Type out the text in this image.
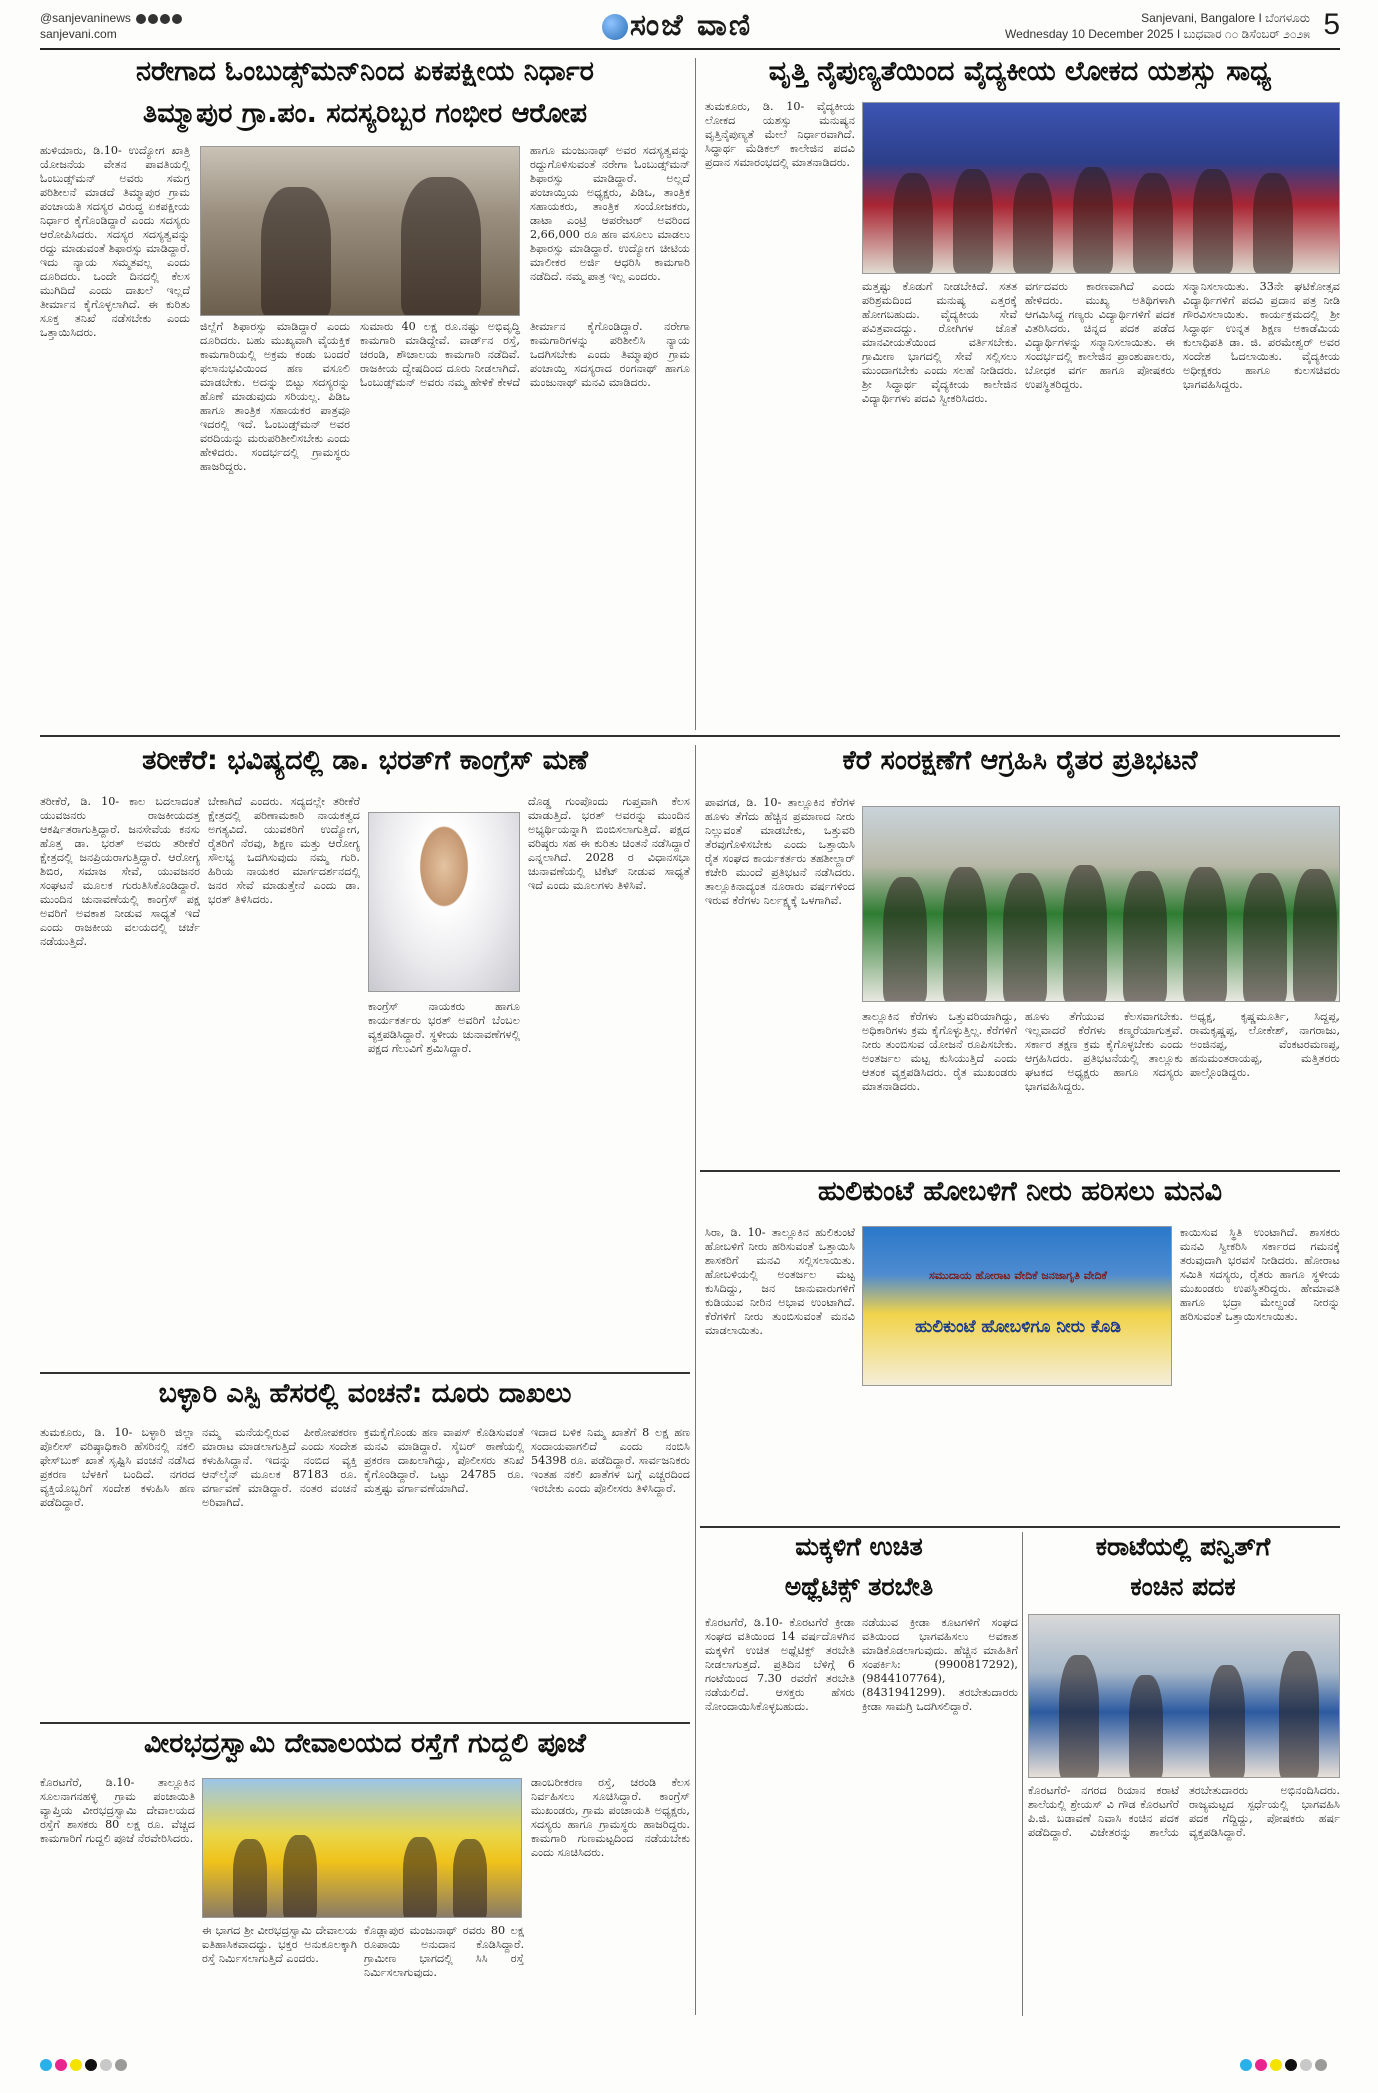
@sanjevaninews
sanjevani.com	ಸಂಜೆ ವಾಣಿ	Sanjevani, Bangalore I ಬೆಂಗಳೂರು
Wednesday 10 December 2025 I ಬುಧವಾರ ೧೦ ಡಿಸೆಂಬರ್ ೨೦೨೫ 5
ನರೇಗಾದ ಓಂಬುಡ್ಸ್‌ಮನ್‌ನಿಂದ ಏಕಪಕ್ಷೀಯ ನಿರ್ಧಾರ
ತಿಮ್ಮಾಪುರ ಗ್ರಾ.ಪಂ. ಸದಸ್ಯರಿಬ್ಬರ ಗಂಭೀರ ಆರೋಪ
ಹುಳಿಯಾರು, ಡಿ.10- ಉದ್ಯೋಗ ಖಾತ್ರಿ ಯೋಜನೆಯ ವೇತನ ಪಾವತಿಯಲ್ಲಿ ಓಂಬುಡ್ಸ್‌ಮನ್ ಅವರು ಸಮಗ್ರ ಪರಿಶೀಲನೆ ಮಾಡದೆ ತಿಮ್ಮಾಪುರ ಗ್ರಾಮ ಪಂಚಾಯತಿ ಸದಸ್ಯರ ವಿರುದ್ಧ ಏಕಪಕ್ಷೀಯ ನಿರ್ಧಾರ ಕೈಗೊಂಡಿದ್ದಾರೆ ಎಂದು ಸದಸ್ಯರು ಆರೋಪಿಸಿದರು. ಸದಸ್ಯರ ಸದಸ್ಯತ್ವವನ್ನು ರದ್ದು ಮಾಡುವಂತೆ ಶಿಫಾರಸ್ಸು ಮಾಡಿದ್ದಾರೆ. ಇದು ನ್ಯಾಯ ಸಮ್ಮತವಲ್ಲ ಎಂದು ದೂರಿದರು. ಒಂದೇ ದಿನದಲ್ಲಿ ಕೆಲಸ ಮುಗಿದಿದೆ ಎಂದು ದಾಖಲೆ ಇಲ್ಲದೆ ತೀರ್ಮಾನ ಕೈಗೊಳ್ಳಲಾಗಿದೆ. ಈ ಕುರಿತು ಸೂಕ್ತ ತನಿಖೆ ನಡೆಸಬೇಕು ಎಂದು ಒತ್ತಾಯಿಸಿದರು.	ಜಿಲ್ಲೆಗೆ ಶಿಫಾರಸ್ಸು ಮಾಡಿದ್ದಾರೆ ಎಂದು ದೂರಿದರು. ಬಹು ಮುಖ್ಯವಾಗಿ ವೈಯಕ್ತಿಕ ಕಾಮಗಾರಿಯಲ್ಲಿ ಅಕ್ರಮ ಕಂಡು ಬಂದರೆ ಫಲಾನುಭವಿಯಿಂದ ಹಣ ವಸೂಲಿ ಮಾಡಬೇಕು. ಅದನ್ನು ಬಿಟ್ಟು ಸದಸ್ಯರನ್ನು ಹೊಣೆ ಮಾಡುವುದು ಸರಿಯಲ್ಲ. ಪಿಡಿಒ ಹಾಗೂ ತಾಂತ್ರಿಕ ಸಹಾಯಕರ ಪಾತ್ರವೂ ಇದರಲ್ಲಿ ಇದೆ. ಓಂಬುಡ್ಸ್‌ಮನ್ ಅವರ ವರದಿಯನ್ನು ಮರುಪರಿಶೀಲಿಸಬೇಕು ಎಂದು ಹೇಳಿದರು. ಸಂದರ್ಭದಲ್ಲಿ ಗ್ರಾಮಸ್ಥರು ಹಾಜರಿದ್ದರು.
ಹಾಗೂ ಮಂಜುನಾಥ್ ಅವರ ಸದಸ್ಯತ್ವವನ್ನು ರದ್ದುಗೊಳಿಸುವಂತೆ ನರೇಗಾ ಓಂಬುಡ್ಸ್‌ಮನ್ ಶಿಫಾರಸ್ಸು ಮಾಡಿದ್ದಾರೆ. ಅಲ್ಲದೆ ಪಂಚಾಯ್ತಿಯ ಅಧ್ಯಕ್ಷರು, ಪಿಡಿಒ, ತಾಂತ್ರಿಕ ಸಹಾಯಕರು, ತಾಂತ್ರಿಕ ಸಂಯೋಜಕರು, ಡಾಟಾ ಎಂಟ್ರಿ ಆಪರೇಟರ್ ಅವರಿಂದ 2,66,000 ರೂ ಹಣ ವಸೂಲು ಮಾಡಲು ಶಿಫಾರಸ್ಸು ಮಾಡಿದ್ದಾರೆ. ಉದ್ಯೋಗ ಚೀಟಿಯ ಮಾಲೀಕರ ಅರ್ಜಿ ಆಧರಿಸಿ ಕಾಮಗಾರಿ ನಡೆದಿದೆ. ನಮ್ಮ ಪಾತ್ರ ಇಲ್ಲ ಎಂದರು.
ಸುಮಾರು 40 ಲಕ್ಷ ರೂ.ನಷ್ಟು ಅಭಿವೃದ್ಧಿ ಕಾಮಗಾರಿ ಮಾಡಿದ್ದೇವೆ. ವಾರ್ಡ್‌ನ ರಸ್ತೆ, ಚರಂಡಿ, ಶೌಚಾಲಯ ಕಾಮಗಾರಿ ನಡೆದಿವೆ. ರಾಜಕೀಯ ದ್ವೇಷದಿಂದ ದೂರು ನೀಡಲಾಗಿದೆ. ಓಂಬುಡ್ಸ್‌ಮನ್ ಅವರು ನಮ್ಮ ಹೇಳಿಕೆ ಕೇಳದೆ ತೀರ್ಮಾನ ಕೈಗೊಂಡಿದ್ದಾರೆ. ನರೇಗಾ ಕಾಮಗಾರಿಗಳನ್ನು ಪರಿಶೀಲಿಸಿ ನ್ಯಾಯ ಒದಗಿಸಬೇಕು ಎಂದು ತಿಮ್ಮಾಪುರ ಗ್ರಾಮ ಪಂಚಾಯ್ತಿ ಸದಸ್ಯರಾದ ರಂಗನಾಥ್ ಹಾಗೂ ಮಂಜುನಾಥ್ ಮನವಿ ಮಾಡಿದರು.
ವೃತ್ತಿ ನೈಪುಣ್ಯತೆಯಿಂದ ವೈದ್ಯಕೀಯ ಲೋಕದ ಯಶಸ್ಸು ಸಾಧ್ಯ
ತುಮಕೂರು, ಡಿ. 10- ವೈದ್ಯಕೀಯ ಲೋಕದ ಯಶಸ್ಸು ಮನುಷ್ಯನ ವೃತ್ತಿನೈಪುಣ್ಯತೆ ಮೇಲೆ ನಿರ್ಧಾರವಾಗಿದೆ. ಸಿದ್ಧಾರ್ಥ ಮೆಡಿಕಲ್ ಕಾಲೇಜಿನ ಪದವಿ ಪ್ರದಾನ ಸಮಾರಂಭದಲ್ಲಿ ಮಾತನಾಡಿದರು.
ಮತ್ತಷ್ಟು ಕೊಡುಗೆ ನೀಡಬೇಕಿದೆ. ಸತತ ಪರಿಶ್ರಮದಿಂದ ಮನುಷ್ಯ ಎತ್ತರಕ್ಕೆ ಹೋಗಬಹುದು. ವೈದ್ಯಕೀಯ ಸೇವೆ ಪವಿತ್ರವಾದದ್ದು. ರೋಗಿಗಳ ಜೊತೆ ಮಾನವೀಯತೆಯಿಂದ ವರ್ತಿಸಬೇಕು. ಗ್ರಾಮೀಣ ಭಾಗದಲ್ಲಿ ಸೇವೆ ಸಲ್ಲಿಸಲು ಮುಂದಾಗಬೇಕು ಎಂದು ಸಲಹೆ ನೀಡಿದರು. ಶ್ರೀ ಸಿದ್ಧಾರ್ಥ ವೈದ್ಯಕೀಯ ಕಾಲೇಜಿನ ವಿದ್ಯಾರ್ಥಿಗಳು ಪದವಿ ಸ್ವೀಕರಿಸಿದರು.
ವರ್ಗದವರು ಕಾರಣವಾಗಿದೆ ಎಂದು ಹೇಳಿದರು. ಮುಖ್ಯ ಅತಿಥಿಗಳಾಗಿ ಆಗಮಿಸಿದ್ದ ಗಣ್ಯರು ವಿದ್ಯಾರ್ಥಿಗಳಿಗೆ ಪದಕ ವಿತರಿಸಿದರು. ಚಿನ್ನದ ಪದಕ ಪಡೆದ ವಿದ್ಯಾರ್ಥಿಗಳನ್ನು ಸನ್ಮಾನಿಸಲಾಯಿತು. ಈ ಸಂದರ್ಭದಲ್ಲಿ ಕಾಲೇಜಿನ ಪ್ರಾಂಶುಪಾಲರು, ಬೋಧಕ ವರ್ಗ ಹಾಗೂ ಪೋಷಕರು ಉಪಸ್ಥಿತರಿದ್ದರು.
ಸನ್ಮಾನಿಸಲಾಯಿತು. 33ನೇ ಘಟಿಕೋತ್ಸವ ವಿದ್ಯಾರ್ಥಿಗಳಿಗೆ ಪದವಿ ಪ್ರದಾನ ಪತ್ರ ನೀಡಿ ಗೌರವಿಸಲಾಯಿತು. ಕಾರ್ಯಕ್ರಮದಲ್ಲಿ ಶ್ರೀ ಸಿದ್ಧಾರ್ಥ ಉನ್ನತ ಶಿಕ್ಷಣ ಅಕಾಡೆಮಿಯ ಕುಲಾಧಿಪತಿ ಡಾ. ಜಿ. ಪರಮೇಶ್ವರ್ ಅವರ ಸಂದೇಶ ಓದಲಾಯಿತು. ವೈದ್ಯಕೀಯ ಅಧೀಕ್ಷಕರು ಹಾಗೂ ಕುಲಸಚಿವರು ಭಾಗವಹಿಸಿದ್ದರು.
ತರೀಕೆರೆ: ಭವಿಷ್ಯದಲ್ಲಿ ಡಾ. ಭರತ್‌ಗೆ ಕಾಂಗ್ರೆಸ್ ಮಣೆ
ತರೀಕೆರೆ, ಡಿ. 10- ಕಾಲ ಬದಲಾದಂತೆ ಯುವಜನರು ರಾಜಕೀಯದತ್ತ ಆಕರ್ಷಿತರಾಗುತ್ತಿದ್ದಾರೆ. ಜನಸೇವೆಯ ಕನಸು ಹೊತ್ತ ಡಾ. ಭರತ್ ಅವರು ತರೀಕೆರೆ ಕ್ಷೇತ್ರದಲ್ಲಿ ಜನಪ್ರಿಯರಾಗುತ್ತಿದ್ದಾರೆ. ಆರೋಗ್ಯ ಶಿಬಿರ, ಸಮಾಜ ಸೇವೆ, ಯುವಜನರ ಸಂಘಟನೆ ಮೂಲಕ ಗುರುತಿಸಿಕೊಂಡಿದ್ದಾರೆ. ಮುಂದಿನ ಚುನಾವಣೆಯಲ್ಲಿ ಕಾಂಗ್ರೆಸ್ ಪಕ್ಷ ಅವರಿಗೆ ಅವಕಾಶ ನೀಡುವ ಸಾಧ್ಯತೆ ಇದೆ ಎಂದು ರಾಜಕೀಯ ವಲಯದಲ್ಲಿ ಚರ್ಚೆ ನಡೆಯುತ್ತಿದೆ.
ಬೇಕಾಗಿದೆ ಎಂದರು. ಸದ್ಯದಲ್ಲೇ ತರೀಕೆರೆ ಕ್ಷೇತ್ರದಲ್ಲಿ ಪರಿಣಾಮಕಾರಿ ನಾಯಕತ್ವದ ಅಗತ್ಯವಿದೆ. ಯುವಕರಿಗೆ ಉದ್ಯೋಗ, ರೈತರಿಗೆ ನೆರವು, ಶಿಕ್ಷಣ ಮತ್ತು ಆರೋಗ್ಯ ಸೌಲಭ್ಯ ಒದಗಿಸುವುದು ನಮ್ಮ ಗುರಿ. ಹಿರಿಯ ನಾಯಕರ ಮಾರ್ಗದರ್ಶನದಲ್ಲಿ ಜನರ ಸೇವೆ ಮಾಡುತ್ತೇನೆ ಎಂದು ಡಾ. ಭರತ್ ತಿಳಿಸಿದರು.
ಕಾಂಗ್ರೆಸ್ ನಾಯಕರು ಹಾಗೂ ಕಾರ್ಯಕರ್ತರು ಭರತ್ ಅವರಿಗೆ ಬೆಂಬಲ ವ್ಯಕ್ತಪಡಿಸಿದ್ದಾರೆ. ಸ್ಥಳೀಯ ಚುನಾವಣೆಗಳಲ್ಲಿ ಪಕ್ಷದ ಗೆಲುವಿಗೆ ಶ್ರಮಿಸಿದ್ದಾರೆ.
ದೊಡ್ಡ ಗುಂಪೊಂದು ಗುಪ್ತವಾಗಿ ಕೆಲಸ ಮಾಡುತ್ತಿದೆ. ಭರತ್ ಅವರನ್ನು ಮುಂದಿನ ಅಭ್ಯರ್ಥಿಯನ್ನಾಗಿ ಬಿಂಬಿಸಲಾಗುತ್ತಿದೆ. ಪಕ್ಷದ ವರಿಷ್ಠರು ಸಹ ಈ ಕುರಿತು ಚಿಂತನೆ ನಡೆಸಿದ್ದಾರೆ ಎನ್ನಲಾಗಿದೆ. 2028 ರ ವಿಧಾನಸಭಾ ಚುನಾವಣೆಯಲ್ಲಿ ಟಿಕೆಟ್ ನೀಡುವ ಸಾಧ್ಯತೆ ಇದೆ ಎಂದು ಮೂಲಗಳು ತಿಳಿಸಿವೆ.
ಕೆರೆ ಸಂರಕ್ಷಣೆಗೆ ಆಗ್ರಹಿಸಿ ರೈತರ ಪ್ರತಿಭಟನೆ
ಪಾವಗಡ, ಡಿ. 10- ತಾಲ್ಲೂಕಿನ ಕೆರೆಗಳ ಹೂಳು ತೆಗೆದು ಹೆಚ್ಚಿನ ಪ್ರಮಾಣದ ನೀರು ನಿಲ್ಲುವಂತೆ ಮಾಡಬೇಕು, ಒತ್ತುವರಿ ತೆರವುಗೊಳಿಸಬೇಕು ಎಂದು ಒತ್ತಾಯಿಸಿ ರೈತ ಸಂಘದ ಕಾರ್ಯಕರ್ತರು ತಹಶೀಲ್ದಾರ್ ಕಚೇರಿ ಮುಂದೆ ಪ್ರತಿಭಟನೆ ನಡೆಸಿದರು. ತಾಲ್ಲೂಕಿನಾದ್ಯಂತ ನೂರಾರು ವರ್ಷಗಳಿಂದ ಇರುವ ಕೆರೆಗಳು ನಿರ್ಲಕ್ಷ್ಯಕ್ಕೆ ಒಳಗಾಗಿವೆ.
ತಾಲ್ಲೂಕಿನ ಕೆರೆಗಳು ಒತ್ತುವರಿಯಾಗಿದ್ದು, ಅಧಿಕಾರಿಗಳು ಕ್ರಮ ಕೈಗೊಳ್ಳುತ್ತಿಲ್ಲ. ಕೆರೆಗಳಿಗೆ ನೀರು ತುಂಬಿಸುವ ಯೋಜನೆ ರೂಪಿಸಬೇಕು. ಅಂತರ್ಜಲ ಮಟ್ಟ ಕುಸಿಯುತ್ತಿದೆ ಎಂದು ಆತಂಕ ವ್ಯಕ್ತಪಡಿಸಿದರು. ರೈತ ಮುಖಂಡರು ಮಾತನಾಡಿದರು.
ಹೂಳು ತೆಗೆಯುವ ಕೆಲಸವಾಗಬೇಕು. ಇಲ್ಲವಾದರೆ ಕೆರೆಗಳು ಕಣ್ಮರೆಯಾಗುತ್ತವೆ. ಸರ್ಕಾರ ತಕ್ಷಣ ಕ್ರಮ ಕೈಗೊಳ್ಳಬೇಕು ಎಂದು ಆಗ್ರಹಿಸಿದರು. ಪ್ರತಿಭಟನೆಯಲ್ಲಿ ತಾಲ್ಲೂಕು ಘಟಕದ ಅಧ್ಯಕ್ಷರು ಹಾಗೂ ಸದಸ್ಯರು ಭಾಗವಹಿಸಿದ್ದರು.
ಅಧ್ಯಕ್ಷ, ಕೃಷ್ಣಮೂರ್ತಿ, ಸಿದ್ದಪ್ಪ, ರಾಮಕೃಷ್ಣಪ್ಪ, ಲೋಕೇಶ್, ನಾಗರಾಜು, ಅಂಜಿನಪ್ಪ, ವೆಂಕಟರಮಣಪ್ಪ, ಹನುಮಂತರಾಯಪ್ಪ, ಮತ್ತಿತರರು ಪಾಲ್ಗೊಂಡಿದ್ದರು.
ಹುಲಿಕುಂಟೆ ಹೋಬಳಿಗೆ ನೀರು ಹರಿಸಲು ಮನವಿ
ಸಿರಾ, ಡಿ. 10- ತಾಲ್ಲೂಕಿನ ಹುಲಿಕುಂಟೆ ಹೋಬಳಿಗೆ ನೀರು ಹರಿಸುವಂತೆ ಒತ್ತಾಯಿಸಿ ಶಾಸಕರಿಗೆ ಮನವಿ ಸಲ್ಲಿಸಲಾಯಿತು. ಹೋಬಳಿಯಲ್ಲಿ ಅಂತರ್ಜಲ ಮಟ್ಟ ಕುಸಿದಿದ್ದು, ಜನ ಜಾನುವಾರುಗಳಿಗೆ ಕುಡಿಯುವ ನೀರಿನ ಅಭಾವ ಉಂಟಾಗಿದೆ. ಕೆರೆಗಳಿಗೆ ನೀರು ತುಂಬಿಸುವಂತೆ ಮನವಿ ಮಾಡಲಾಯಿತು.
ಸಮುದಾಯ ಹೋರಾಟ ವೇದಿಕೆ ಜನಜಾಗೃತಿ ವೇದಿಕೆ
ಹುಲಿಕುಂಟೆ ಹೋಬಳಿಗೂ ನೀರು ಕೊಡಿ
ಕಾಯಿಸುವ ಸ್ಥಿತಿ ಉಂಟಾಗಿದೆ. ಶಾಸಕರು ಮನವಿ ಸ್ವೀಕರಿಸಿ ಸರ್ಕಾರದ ಗಮನಕ್ಕೆ ತರುವುದಾಗಿ ಭರವಸೆ ನೀಡಿದರು. ಹೋರಾಟ ಸಮಿತಿ ಸದಸ್ಯರು, ರೈತರು ಹಾಗೂ ಸ್ಥಳೀಯ ಮುಖಂಡರು ಉಪಸ್ಥಿತರಿದ್ದರು. ಹೇಮಾವತಿ ಹಾಗೂ ಭದ್ರಾ ಮೇಲ್ದಂಡೆ ನೀರನ್ನು ಹರಿಸುವಂತೆ ಒತ್ತಾಯಿಸಲಾಯಿತು.
ಬಳ್ಳಾರಿ ಎಸ್ಪಿ ಹೆಸರಲ್ಲಿ ವಂಚನೆ: ದೂರು ದಾಖಲು
ತುಮಕೂರು, ಡಿ. 10- ಬಳ್ಳಾರಿ ಜಿಲ್ಲಾ ಪೊಲೀಸ್ ವರಿಷ್ಠಾಧಿಕಾರಿ ಹೆಸರಿನಲ್ಲಿ ನಕಲಿ ಫೇಸ್‌ಬುಕ್ ಖಾತೆ ಸೃಷ್ಟಿಸಿ ವಂಚನೆ ನಡೆಸಿದ ಪ್ರಕರಣ ಬೆಳಕಿಗೆ ಬಂದಿದೆ. ನಗರದ ವ್ಯಕ್ತಿಯೊಬ್ಬರಿಗೆ ಸಂದೇಶ ಕಳುಹಿಸಿ ಹಣ ಪಡೆದಿದ್ದಾರೆ.
ನಮ್ಮ ಮನೆಯಲ್ಲಿರುವ ಪೀಠೋಪಕರಣ ಮಾರಾಟ ಮಾಡಲಾಗುತ್ತಿದೆ ಎಂದು ಸಂದೇಶ ಕಳುಹಿಸಿದ್ದಾನೆ. ಇದನ್ನು ನಂಬಿದ ವ್ಯಕ್ತಿ ಆನ್‌ಲೈನ್ ಮೂಲಕ 87183 ರೂ. ವರ್ಗಾವಣೆ ಮಾಡಿದ್ದಾರೆ. ನಂತರ ವಂಚನೆ ಅರಿವಾಗಿದೆ.
ಕ್ರಮಕೈಗೊಂಡು ಹಣ ವಾಪಸ್ ಕೊಡಿಸುವಂತೆ ಮನವಿ ಮಾಡಿದ್ದಾರೆ. ಸೈಬರ್ ಠಾಣೆಯಲ್ಲಿ ಪ್ರಕರಣ ದಾಖಲಾಗಿದ್ದು, ಪೊಲೀಸರು ತನಿಖೆ ಕೈಗೊಂಡಿದ್ದಾರೆ. ಒಟ್ಟು 24785 ರೂ. ಮತ್ತಷ್ಟು ವರ್ಗಾವಣೆಯಾಗಿದೆ.
ಇದಾದ ಬಳಿಕ ನಿಮ್ಮ ಖಾತೆಗೆ 8 ಲಕ್ಷ ಹಣ ಸಂದಾಯವಾಗಲಿದೆ ಎಂದು ನಂಬಿಸಿ 54398 ರೂ. ಪಡೆದಿದ್ದಾರೆ. ಸಾರ್ವಜನಿಕರು ಇಂತಹ ನಕಲಿ ಖಾತೆಗಳ ಬಗ್ಗೆ ಎಚ್ಚರದಿಂದ ಇರಬೇಕು ಎಂದು ಪೊಲೀಸರು ತಿಳಿಸಿದ್ದಾರೆ.
ವೀರಭದ್ರಸ್ವಾಮಿ ದೇವಾಲಯದ ರಸ್ತೆಗೆ ಗುದ್ದಲಿ ಪೂಜೆ
ಕೊರಟಗೆರೆ, ಡಿ.10- ತಾಲ್ಲೂಕಿನ ಸೂಲನಾಗನಹಳ್ಳಿ ಗ್ರಾಮ ಪಂಚಾಯಿತಿ ವ್ಯಾಪ್ತಿಯ ವೀರಭದ್ರಸ್ವಾಮಿ ದೇವಾಲಯದ ರಸ್ತೆಗೆ ಶಾಸಕರು 80 ಲಕ್ಷ ರೂ. ವೆಚ್ಚದ ಕಾಮಗಾರಿಗೆ ಗುದ್ದಲಿ ಪೂಜೆ ನೆರವೇರಿಸಿದರು.
ಈ ಭಾಗದ ಶ್ರೀ ವೀರಭದ್ರಸ್ವಾಮಿ ದೇವಾಲಯ ಐತಿಹಾಸಿಕವಾದದ್ದು. ಭಕ್ತರ ಅನುಕೂಲಕ್ಕಾಗಿ ರಸ್ತೆ ನಿರ್ಮಿಸಲಾಗುತ್ತಿದೆ ಎಂದರು.
ಕೊಡ್ಲಾಪುರ ಮಂಜುನಾಥ್ ರವರು 80 ಲಕ್ಷ ರೂಪಾಯಿ ಅನುದಾನ ಕೊಡಿಸಿದ್ದಾರೆ. ಗ್ರಾಮೀಣ ಭಾಗದಲ್ಲಿ ಸಿಸಿ ರಸ್ತೆ ನಿರ್ಮಿಸಲಾಗುವುದು.
ಡಾಂಬರೀಕರಣ ರಸ್ತೆ, ಚರಂಡಿ ಕೆಲಸ ನಿರ್ವಹಿಸಲು ಸೂಚಿಸಿದ್ದಾರೆ. ಕಾಂಗ್ರೆಸ್ ಮುಖಂಡರು, ಗ್ರಾಮ ಪಂಚಾಯತಿ ಅಧ್ಯಕ್ಷರು, ಸದಸ್ಯರು ಹಾಗೂ ಗ್ರಾಮಸ್ಥರು ಹಾಜರಿದ್ದರು. ಕಾಮಗಾರಿ ಗುಣಮಟ್ಟದಿಂದ ನಡೆಯಬೇಕು ಎಂದು ಸೂಚಿಸಿದರು.
ಮಕ್ಕಳಿಗೆ ಉಚಿತ
ಅಥ್ಲೆಟಿಕ್ಸ್ ತರಬೇತಿ
ಕೊರಟಗೆರೆ, ಡಿ.10- ಕೊರಟಗೆರೆ ಕ್ರೀಡಾ ಸಂಘದ ವತಿಯಿಂದ 14 ವರ್ಷದೊಳಗಿನ ಮಕ್ಕಳಿಗೆ ಉಚಿತ ಅಥ್ಲೆಟಿಕ್ಸ್ ತರಬೇತಿ ನೀಡಲಾಗುತ್ತದೆ. ಪ್ರತಿದಿನ ಬೆಳಿಗ್ಗೆ 6 ಗಂಟೆಯಿಂದ 7.30 ರವರೆಗೆ ತರಬೇತಿ ನಡೆಯಲಿದೆ. ಆಸಕ್ತರು ಹೆಸರು ನೋಂದಾಯಿಸಿಕೊಳ್ಳಬಹುದು.
ನಡೆಯುವ ಕ್ರೀಡಾ ಕೂಟಗಳಿಗೆ ಸಂಘದ ವತಿಯಿಂದ ಭಾಗವಹಿಸಲು ಅವಕಾಶ ಮಾಡಿಕೊಡಲಾಗುವುದು. ಹೆಚ್ಚಿನ ಮಾಹಿತಿಗೆ ಸಂಪರ್ಕಿಸಿ: (9900817292), (9844107764), (8431941299). ತರಬೇತುದಾರರು ಕ್ರೀಡಾ ಸಾಮಗ್ರಿ ಒದಗಿಸಲಿದ್ದಾರೆ.
ಕರಾಟೆಯಲ್ಲಿ ಪನ್ವಿತ್‌ಗೆ
ಕಂಚಿನ ಪದಕ
ಕೊರಟಗೆರೆ- ನಗರದ ರಿಯಾನ ಕರಾಟೆ ಶಾಲೆಯಲ್ಲಿ ಶ್ರೇಯಸ್ ವಿ ಗೌಡ ಕೊರಟಗೆರೆ ಪಿ.ಜಿ. ಬಡಾವಣೆ ನಿವಾಸಿ ಕಂಚಿನ ಪದಕ ಪಡೆದಿದ್ದಾರೆ. ವಿಜೇತರನ್ನು ಶಾಲೆಯ ತರಬೇತುದಾರರು ಅಭಿನಂದಿಸಿದರು. ರಾಜ್ಯಮಟ್ಟದ ಸ್ಪರ್ಧೆಯಲ್ಲಿ ಭಾಗವಹಿಸಿ ಪದಕ ಗೆದ್ದಿದ್ದು, ಪೋಷಕರು ಹರ್ಷ ವ್ಯಕ್ತಪಡಿಸಿದ್ದಾರೆ.
